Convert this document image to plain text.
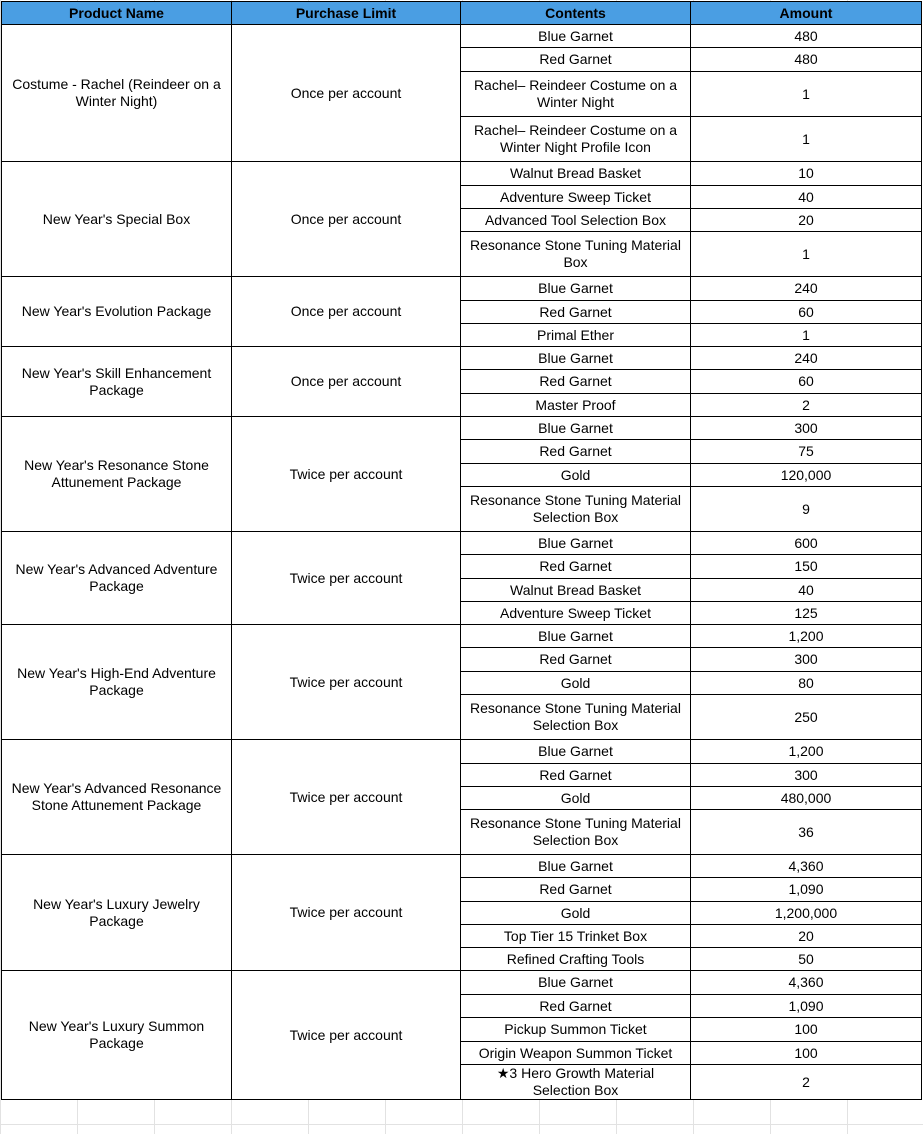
Product Name	Purchase Limit	Contents	Amount
Costume - Rachel (Reindeer on a Winter Night)	Once per account	Blue Garnet	480
		Red Garnet	480
		Rachel– Reindeer Costume on a Winter Night	1
		Rachel– Reindeer Costume on a Winter Night Profile Icon	1
New Year's Special Box	Once per account	Walnut Bread Basket	10
		Adventure Sweep Ticket	40
		Advanced Tool Selection Box	20
		Resonance Stone Tuning Material Box	1
New Year's Evolution Package	Once per account	Blue Garnet	240
		Red Garnet	60
		Primal Ether	1
New Year's Skill Enhancement Package	Once per account	Blue Garnet	240
		Red Garnet	60
		Master Proof	2
New Year's Resonance Stone Attunement Package	Twice per account	Blue Garnet	300
		Red Garnet	75
		Gold	120,000
		Resonance Stone Tuning Material Selection Box	9
New Year's Advanced Adventure Package	Twice per account	Blue Garnet	600
		Red Garnet	150
		Walnut Bread Basket	40
		Adventure Sweep Ticket	125
New Year's High-End Adventure Package	Twice per account	Blue Garnet	1,200
		Red Garnet	300
		Gold	80
		Resonance Stone Tuning Material Selection Box	250
New Year's Advanced Resonance Stone Attunement Package	Twice per account	Blue Garnet	1,200
		Red Garnet	300
		Gold	480,000
		Resonance Stone Tuning Material Selection Box	36
New Year's Luxury Jewelry Package	Twice per account	Blue Garnet	4,360
		Red Garnet	1,090
		Gold	1,200,000
		Top Tier 15 Trinket Box	20
		Refined Crafting Tools	50
New Year's Luxury Summon Package	Twice per account	Blue Garnet	4,360
		Red Garnet	1,090
		Pickup Summon Ticket	100
		Origin Weapon Summon Ticket	100
		★3 Hero Growth Material Selection Box	2
